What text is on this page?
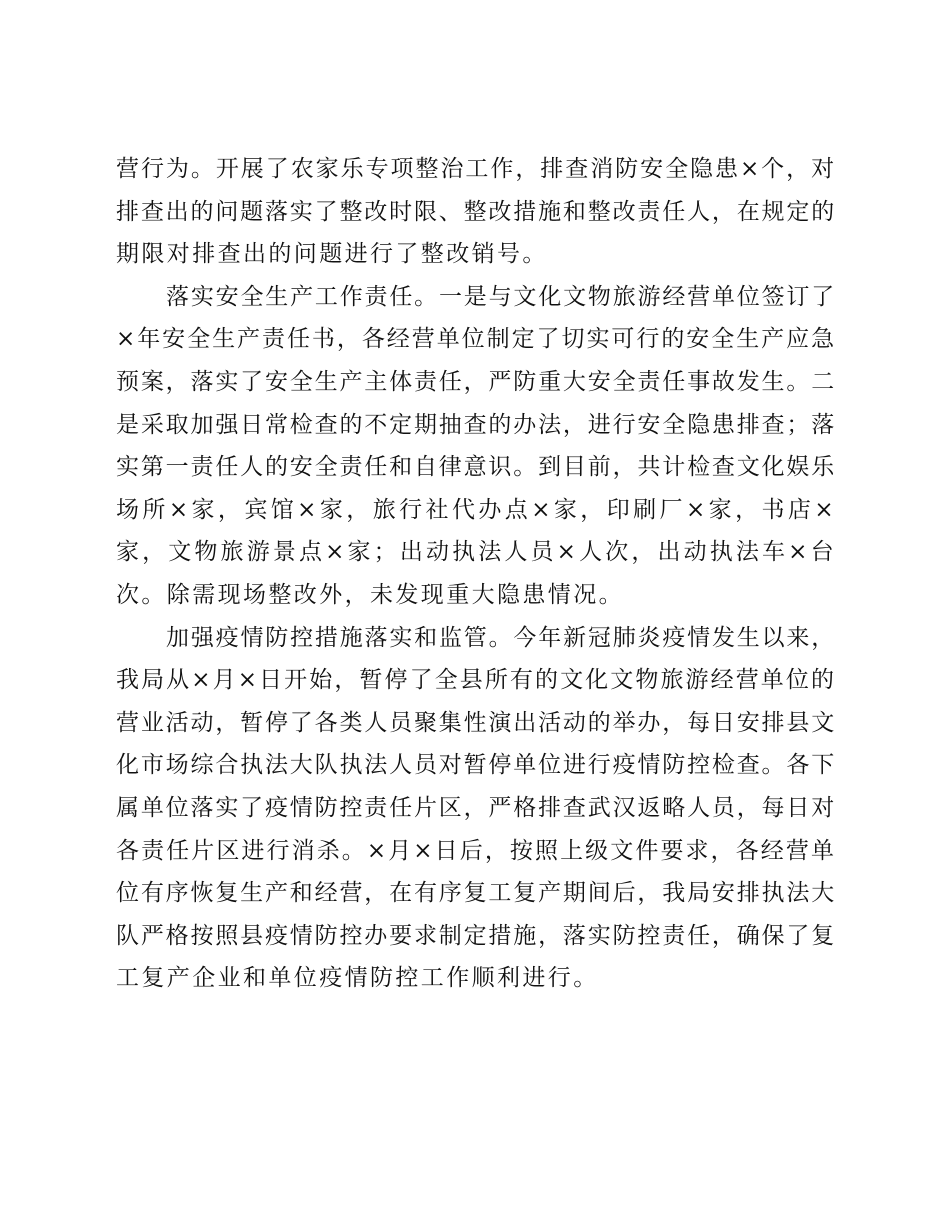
营行为。开展了农家乐专项整治工作，排查消防安全隐患×个，对
排查出的问题落实了整改时限、整改措施和整改责任人，在规定的
期限对排查出的问题进行了整改销号。

落实安全生产工作责任。一是与文化文物旅游经营单位签订了
×年安全生产责任书，各经营单位制定了切实可行的安全生产应急
预案，落实了安全生产主体责任，严防重大安全责任事故发生。二
是采取加强日常检查的不定期抽查的办法，进行安全隐患排查；落
实第一责任人的安全责任和自律意识。到目前，共计检查文化娱乐
场所×家，宾馆×家，旅行社代办点×家，印刷厂×家，书店×
家，文物旅游景点×家；出动执法人员×人次，出动执法车×台
次。除需现场整改外，未发现重大隐患情况。

加强疫情防控措施落实和监管。今年新冠肺炎疫情发生以来，
我局从×月×日开始，暂停了全县所有的文化文物旅游经营单位的
营业活动，暂停了各类人员聚集性演出活动的举办，每日安排县文
化市场综合执法大队执法人员对暂停单位进行疫情防控检查。各下
属单位落实了疫情防控责任片区，严格排查武汉返略人员，每日对
各责任片区进行消杀。×月×日后，按照上级文件要求，各经营单
位有序恢复生产和经营，在有序复工复产期间后，我局安排执法大
队严格按照县疫情防控办要求制定措施，落实防控责任，确保了复
工复产企业和单位疫情防控工作顺利进行。
